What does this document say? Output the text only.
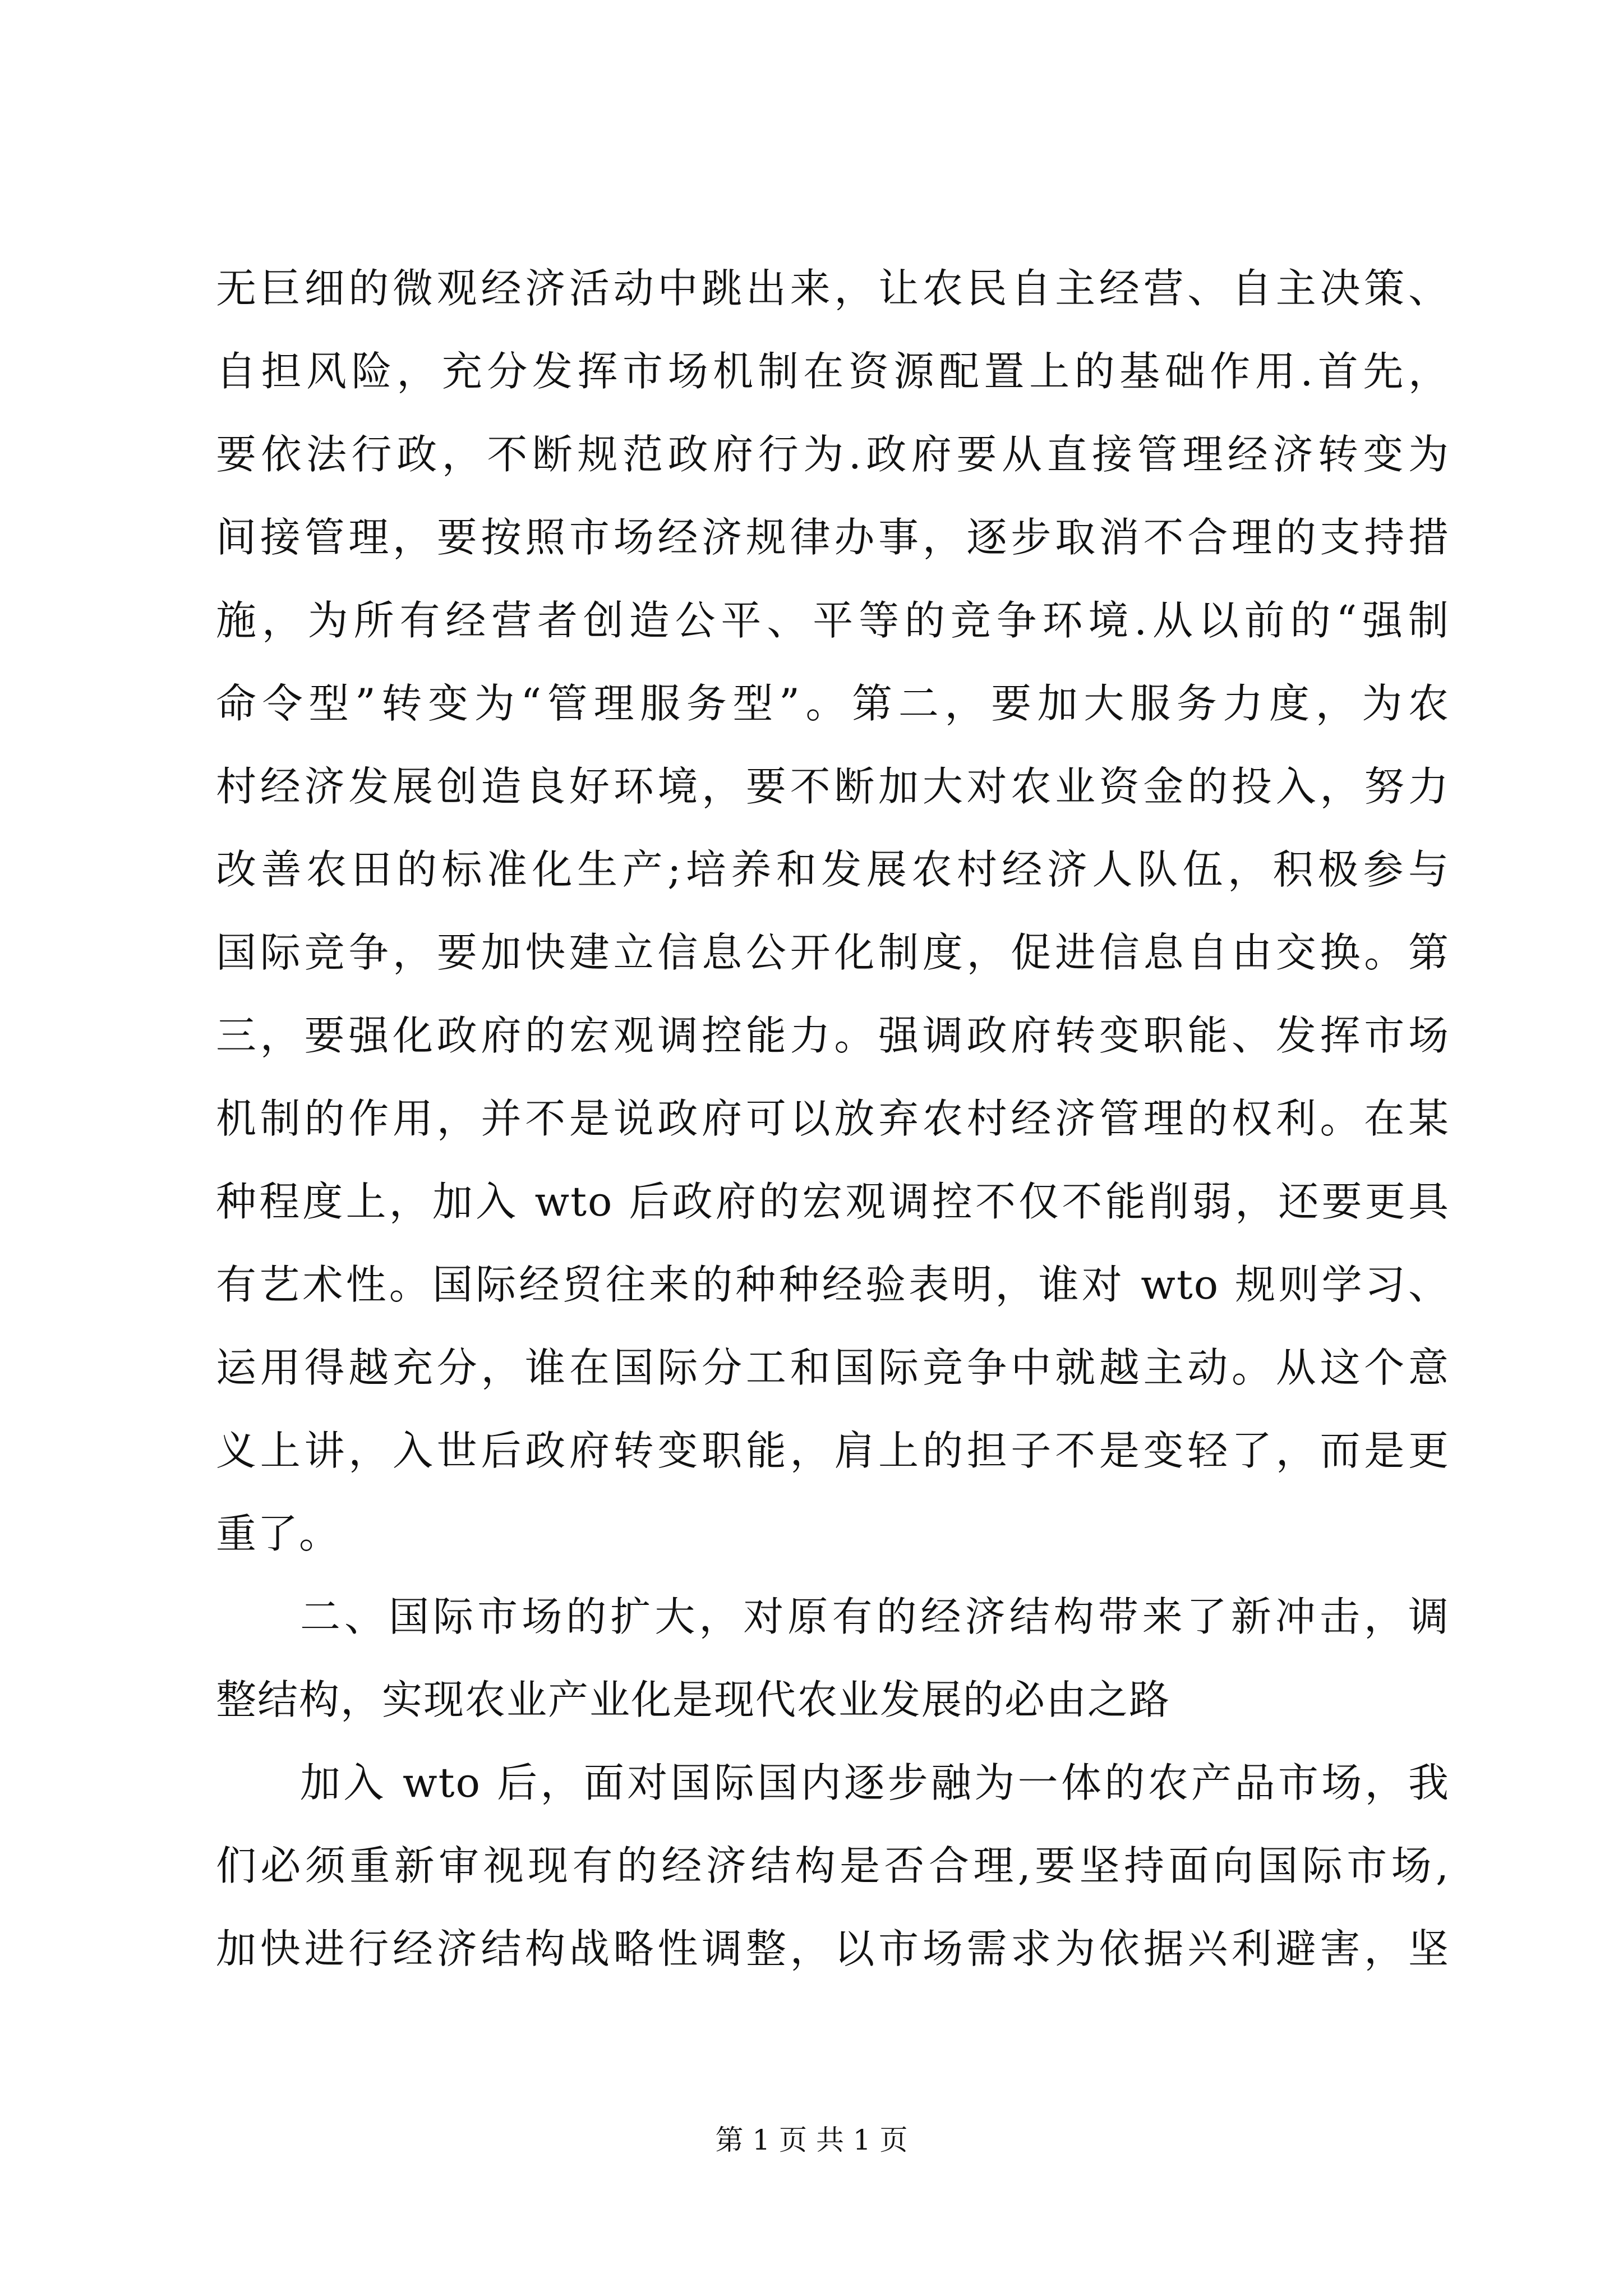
无巨细的微观经济活动中跳出来，让农民自主经营、自主决策、
自担风险，充分发挥市场机制在资源配置上的基础作用.首先，
要依法行政，不断规范政府行为.政府要从直接管理经济转变为
间接管理，要按照市场经济规律办事，逐步取消不合理的支持措
施，为所有经营者创造公平、平等的竞争环境.从以前的“强制
命令型”转变为“管理服务型”。第二，要加大服务力度，为农
村经济发展创造良好环境，要不断加大对农业资金的投入，努力
改善农田的标准化生产;培养和发展农村经济人队伍，积极参与
国际竞争，要加快建立信息公开化制度，促进信息自由交换。第
三，要强化政府的宏观调控能力。强调政府转变职能、发挥市场
机制的作用，并不是说政府可以放弃农村经济管理的权利。在某
种程度上，加入 wto 后政府的宏观调控不仅不能削弱，还要更具
有艺术性。国际经贸往来的种种经验表明，谁对 wto 规则学习、
运用得越充分，谁在国际分工和国际竞争中就越主动。从这个意
义上讲，入世后政府转变职能，肩上的担子不是变轻了，而是更
重了。
二、国际市场的扩大，对原有的经济结构带来了新冲击，调
整结构，实现农业产业化是现代农业发展的必由之路
加入 wto 后，面对国际国内逐步融为一体的农产品市场，我
们必须重新审视现有的经济结构是否合理,要坚持面向国际市场,
加快进行经济结构战略性调整，以市场需求为依据兴利避害，坚
第 1 页 共 1 页
